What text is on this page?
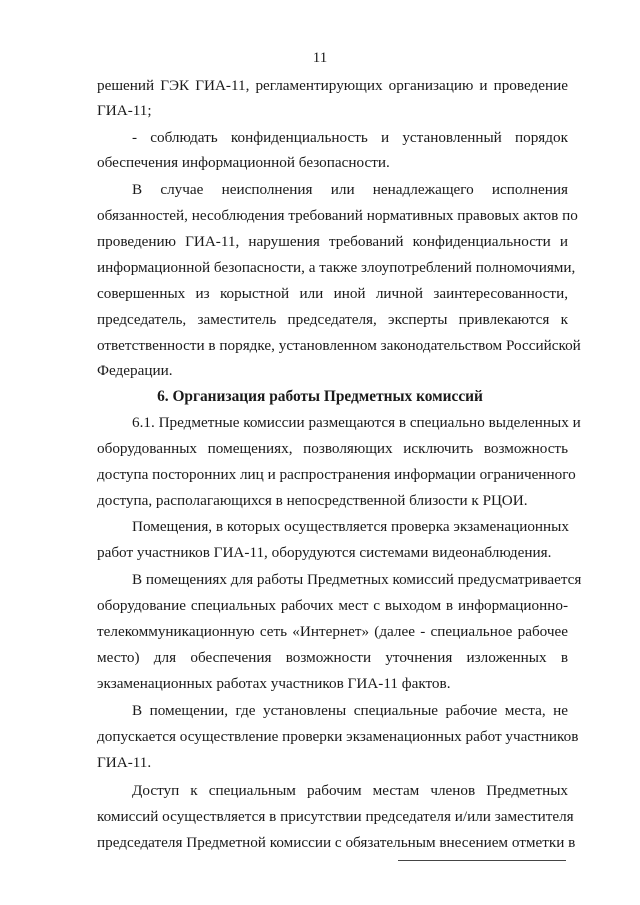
11
решений ГЭК ГИА-11, регламентирующих организацию и проведение
ГИА-11;
- соблюдать конфиденциальность и установленный порядок
обеспечения информационной безопасности.
В случае неисполнения или ненадлежащего исполнения
обязанностей, несоблюдения требований нормативных правовых актов по
проведению ГИА-11, нарушения требований конфиденциальности и
информационной безопасности, а также злоупотреблений полномочиями,
совершенных из корыстной или иной личной заинтересованности,
председатель, заместитель председателя, эксперты привлекаются к
ответственности в порядке, установленном законодательством Российской
Федерации.
6. Организация работы Предметных комиссий
6.1. Предметные комиссии размещаются в специально выделенных и
оборудованных помещениях, позволяющих исключить возможность
доступа посторонних лиц и распространения информации ограниченного
доступа, располагающихся в непосредственной близости к РЦОИ.
Помещения, в которых осуществляется проверка экзаменационных
работ участников ГИА-11, оборудуются системами видеонаблюдения.
В помещениях для работы Предметных комиссий предусматривается
оборудование специальных рабочих мест с выходом в информационно-
телекоммуникационную сеть «Интернет» (далее - специальное рабочее
место) для обеспечения возможности уточнения изложенных в
экзаменационных работах участников ГИА-11 фактов.
В помещении, где установлены специальные рабочие места, не
допускается осуществление проверки экзаменационных работ участников
ГИА-11.
Доступ к специальным рабочим местам членов Предметных
комиссий осуществляется в присутствии председателя и/или заместителя
председателя Предметной комиссии с обязательным внесением отметки в
